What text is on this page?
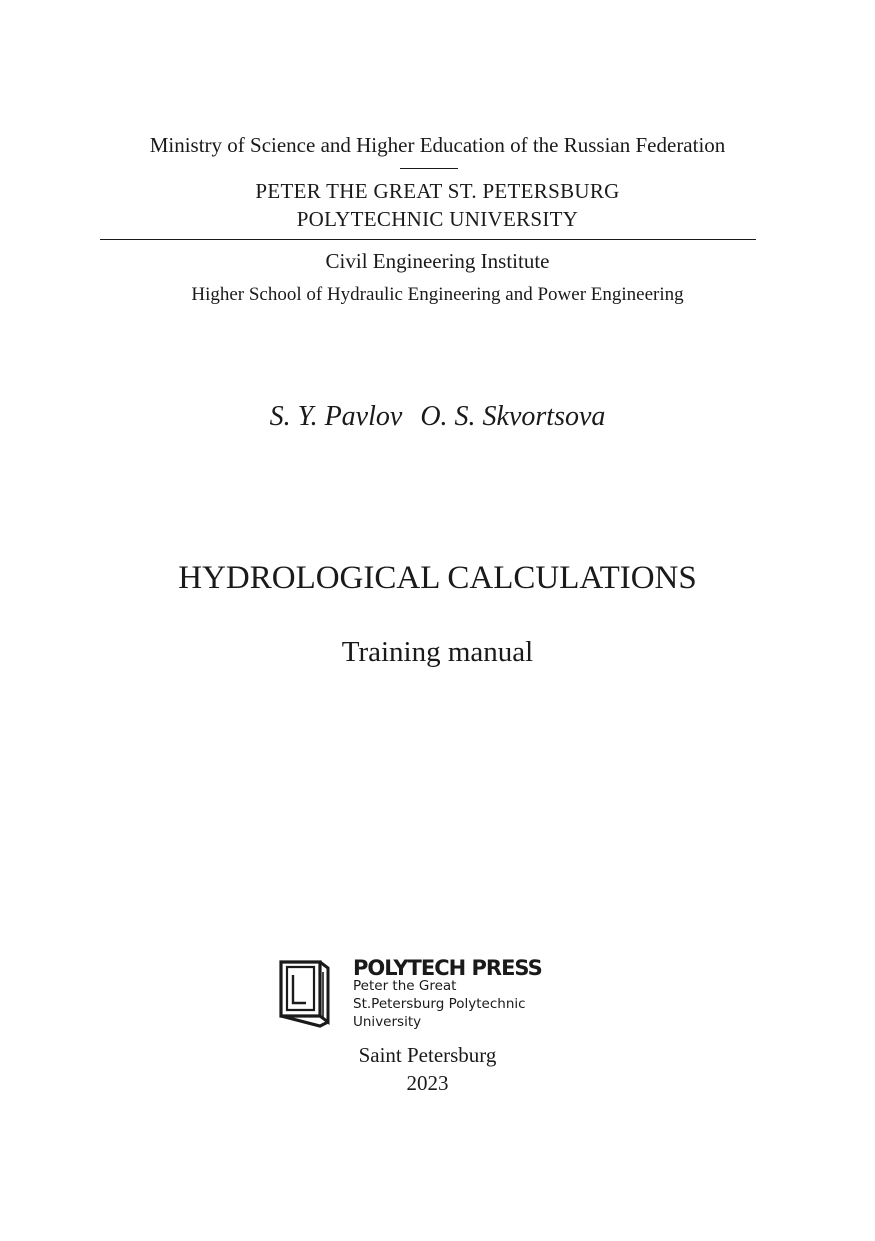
Ministry of Science and Higher Education of the Russian Federation
PETER THE GREAT ST. PETERSBURG
POLYTECHNIC UNIVERSITY
Civil Engineering Institute
Higher School of Hydraulic Engineering and Power Engineering
S. Y. Pavlov O. S. Skvortsova
HYDROLOGICAL CALCULATIONS
Training manual
POLYTECH PRESS
Peter the Great
St.Petersburg Polytechnic
University
Saint Petersburg
2023
